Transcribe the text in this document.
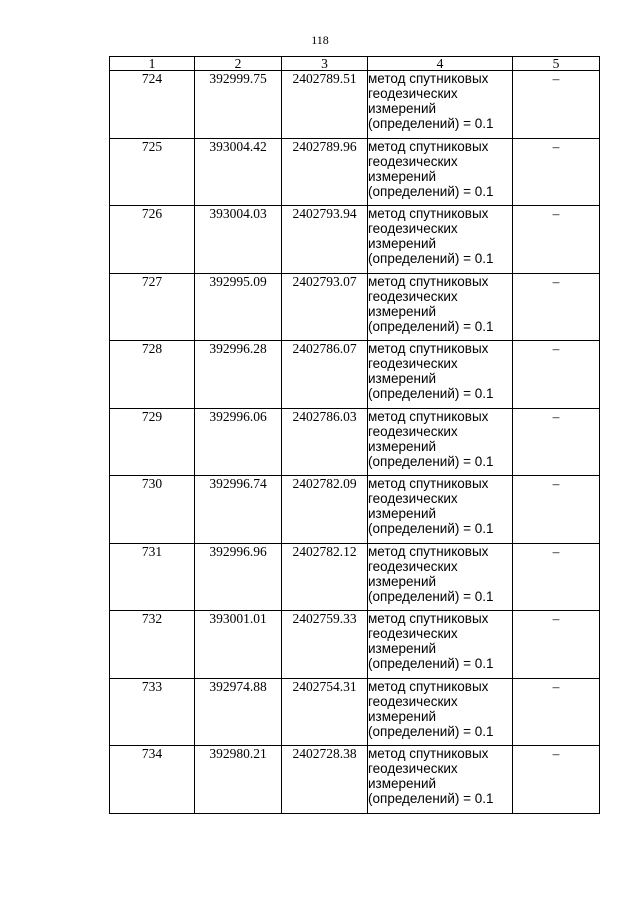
118
1	2	3	4	5
724	392999.75	2402789.51	метод спутниковых
геодезических
измерений
(определений) = 0.1	–
725	393004.42	2402789.96	метод спутниковых
геодезических
измерений
(определений) = 0.1	–
726	393004.03	2402793.94	метод спутниковых
геодезических
измерений
(определений) = 0.1	–
727	392995.09	2402793.07	метод спутниковых
геодезических
измерений
(определений) = 0.1	–
728	392996.28	2402786.07	метод спутниковых
геодезических
измерений
(определений) = 0.1	–
729	392996.06	2402786.03	метод спутниковых
геодезических
измерений
(определений) = 0.1	–
730	392996.74	2402782.09	метод спутниковых
геодезических
измерений
(определений) = 0.1	–
731	392996.96	2402782.12	метод спутниковых
геодезических
измерений
(определений) = 0.1	–
732	393001.01	2402759.33	метод спутниковых
геодезических
измерений
(определений) = 0.1	–
733	392974.88	2402754.31	метод спутниковых
геодезических
измерений
(определений) = 0.1	–
734	392980.21	2402728.38	метод спутниковых
геодезических
измерений
(определений) = 0.1	–
